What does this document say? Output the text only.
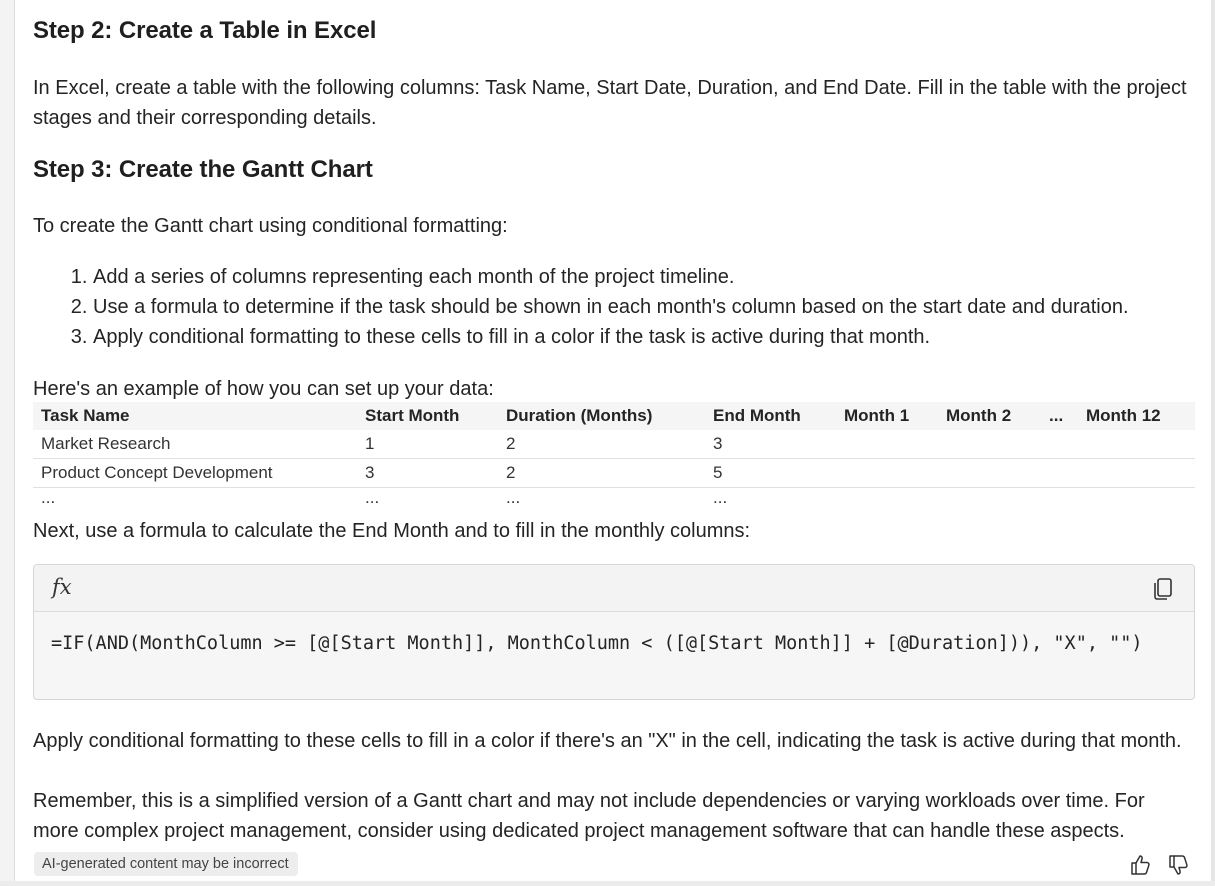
Step 2: Create a Table in Excel

In Excel, create a table with the following columns: Task Name, Start Date, Duration, and End Date. Fill in the table with the project stages and their corresponding details.

Step 3: Create the Gantt Chart

To create the Gantt chart using conditional formatting:

1. Add a series of columns representing each month of the project timeline.
2. Use a formula to determine if the task should be shown in each month's column based on the start date and duration.
3. Apply conditional formatting to these cells to fill in a color if the task is active during that month.

Here's an example of how you can set up your data:

Task Name	Start Month	Duration (Months)	End Month	Month 1	Month 2	...	Month 12
Market Research	1	2	3				
Product Concept Development	3	2	5				
...	...	...	...				

Next, use a formula to calculate the End Month and to fill in the monthly columns:

fx
=IF(AND(MonthColumn >= [@[Start Month]], MonthColumn < ([@[Start Month]] + [@Duration])), "X", "")

Apply conditional formatting to these cells to fill in a color if there's an "X" in the cell, indicating the task is active during that month.

Remember, this is a simplified version of a Gantt chart and may not include dependencies or varying workloads over time. For more complex project management, consider using dedicated project management software that can handle these aspects.

AI-generated content may be incorrect
